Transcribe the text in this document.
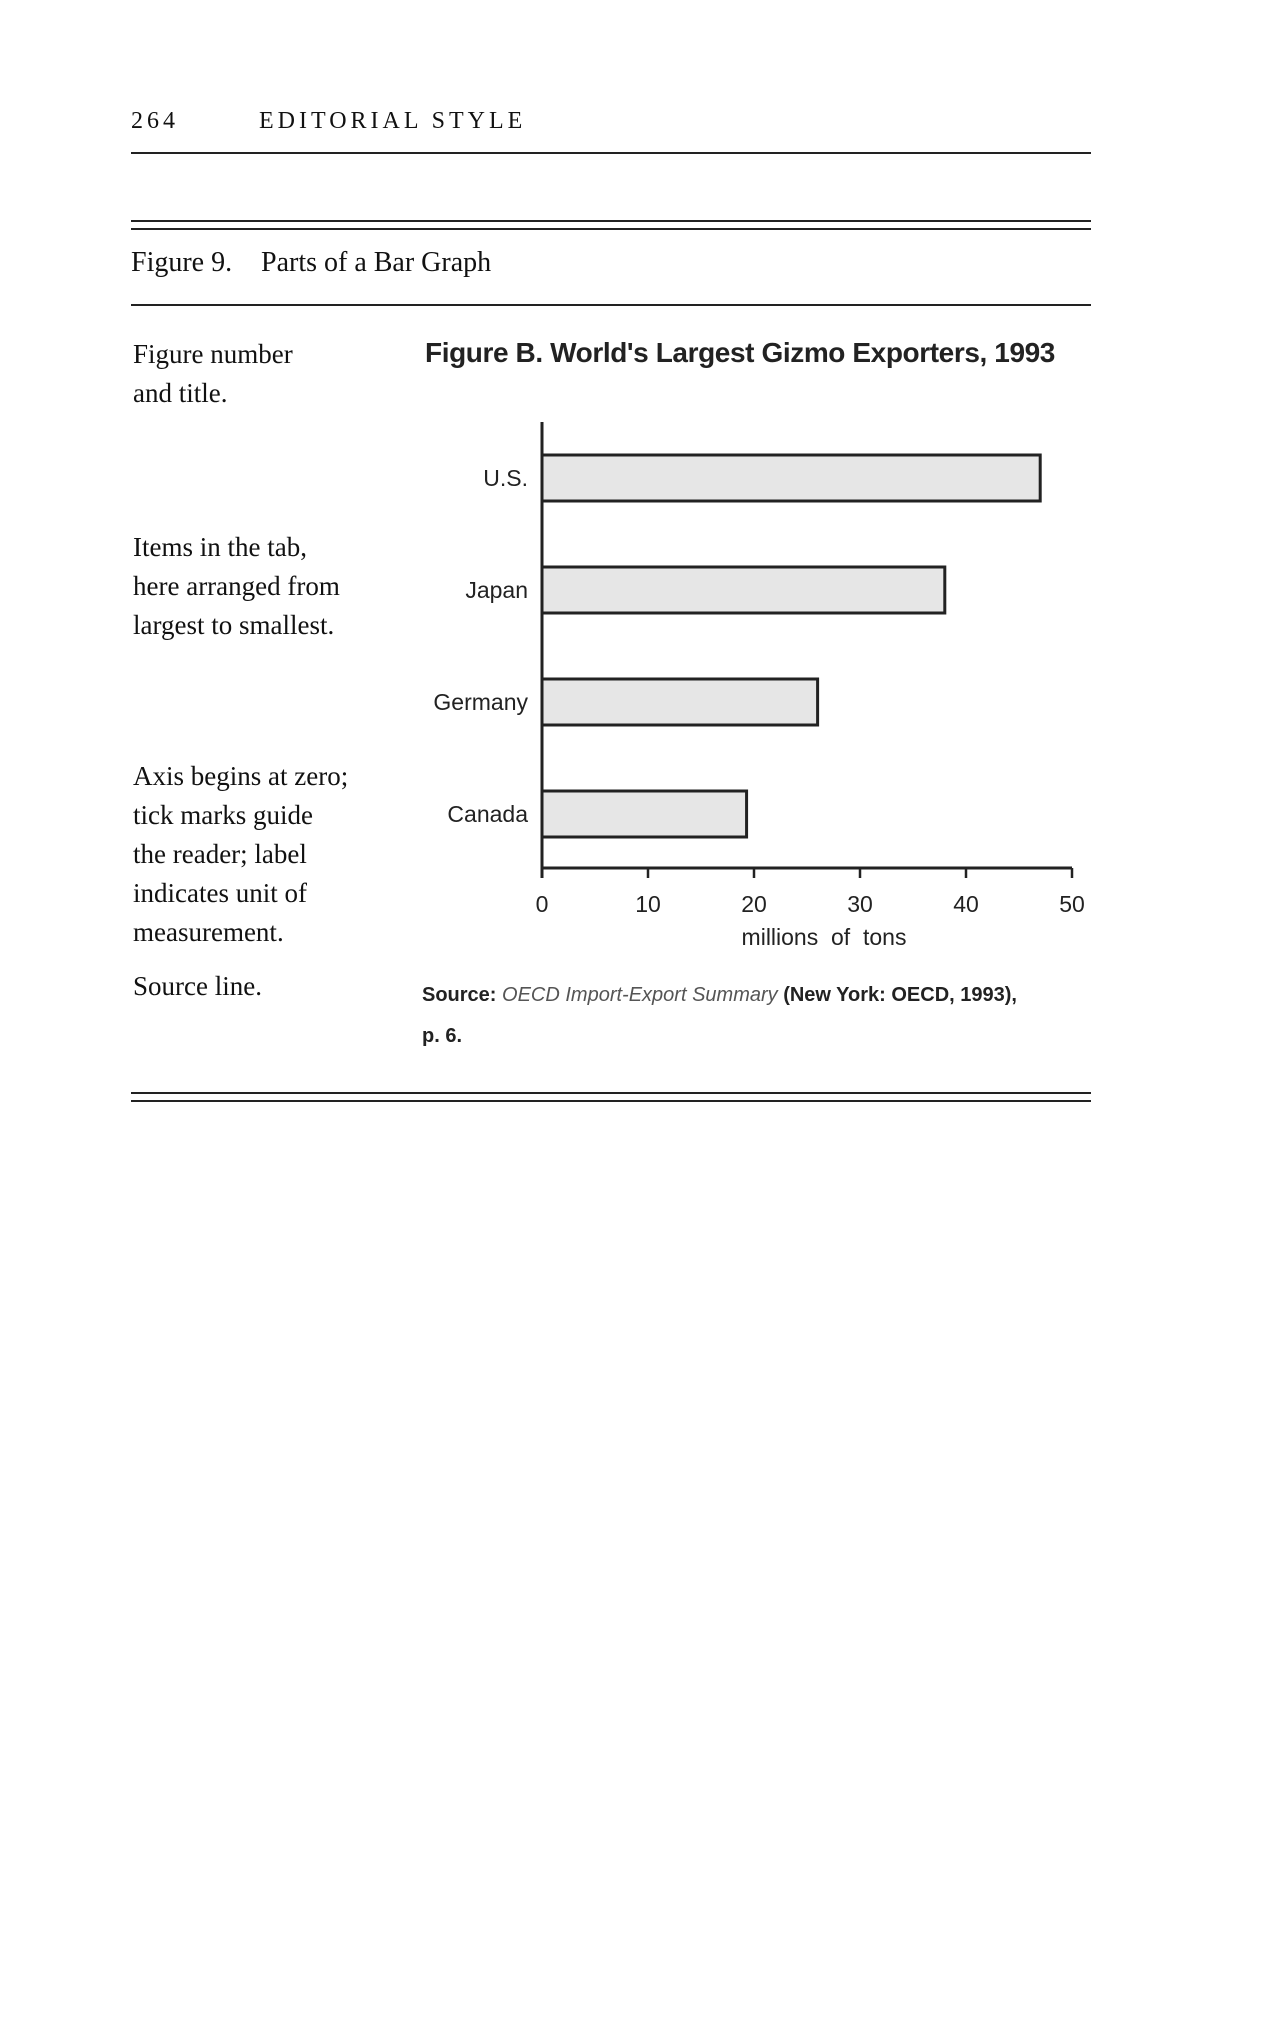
264	EDITORIAL STYLE
Figure 9. Parts of a Bar Graph
Figure number
and title.
Items in the tab,
here arranged from
largest to smallest.
Axis begins at zero;
tick marks guide
the reader; label
indicates unit of
measurement.
Source line.
Figure B. World's Largest Gizmo Exporters, 1993
U.S.
Japan
Germany
Canada
0	10	20	30	40	50
millions  of  tons
Source: OECD Import-Export Summary (New York: OECD, 1993),
p. 6.
